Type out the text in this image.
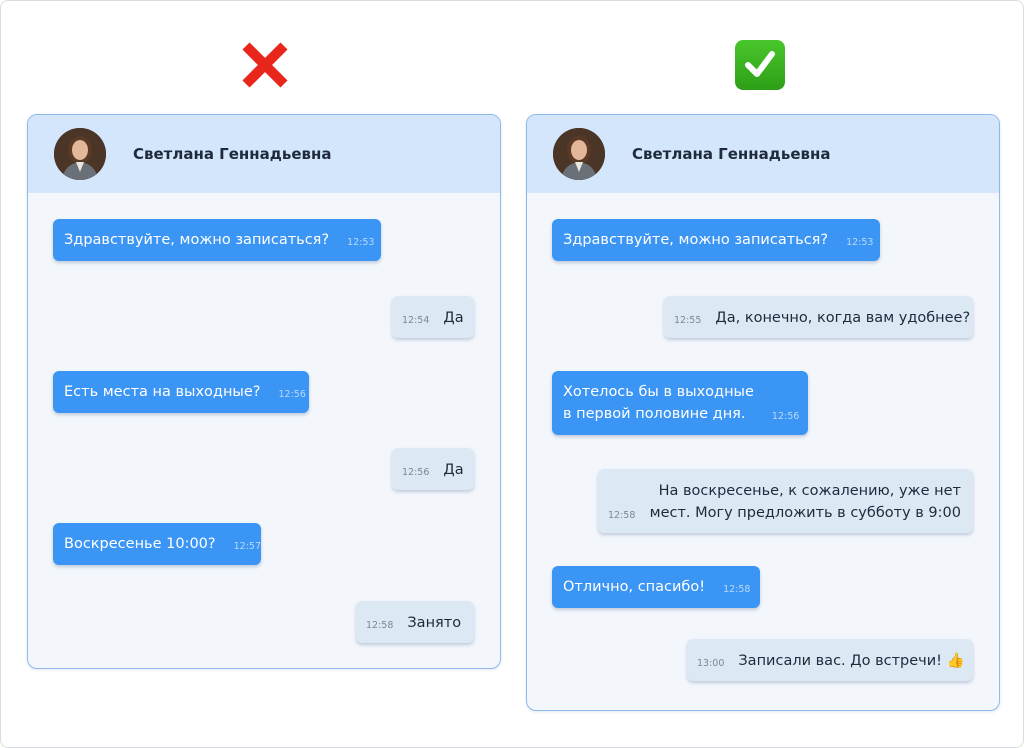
Светлана Геннадьевна
Здравствуйте, можно записаться? 12:53
12:54 Да
Есть места на выходные? 12:56
12:56 Да
Воскресенье 10:00? 12:57
12:58 Занято
Светлана Геннадьевна
Здравствуйте, можно записаться? 12:53
12:55 Да, конечно, когда вам удобнее?
Хотелось бы в выходные
в первой половине дня.	12:56
12:58
На воскресенье, к сожалению, уже нет
мест. Могу предложить в субботу в 9:00
Отлично, спасибо! 12:58
13:00 Записали вас. До встречи! 👍
